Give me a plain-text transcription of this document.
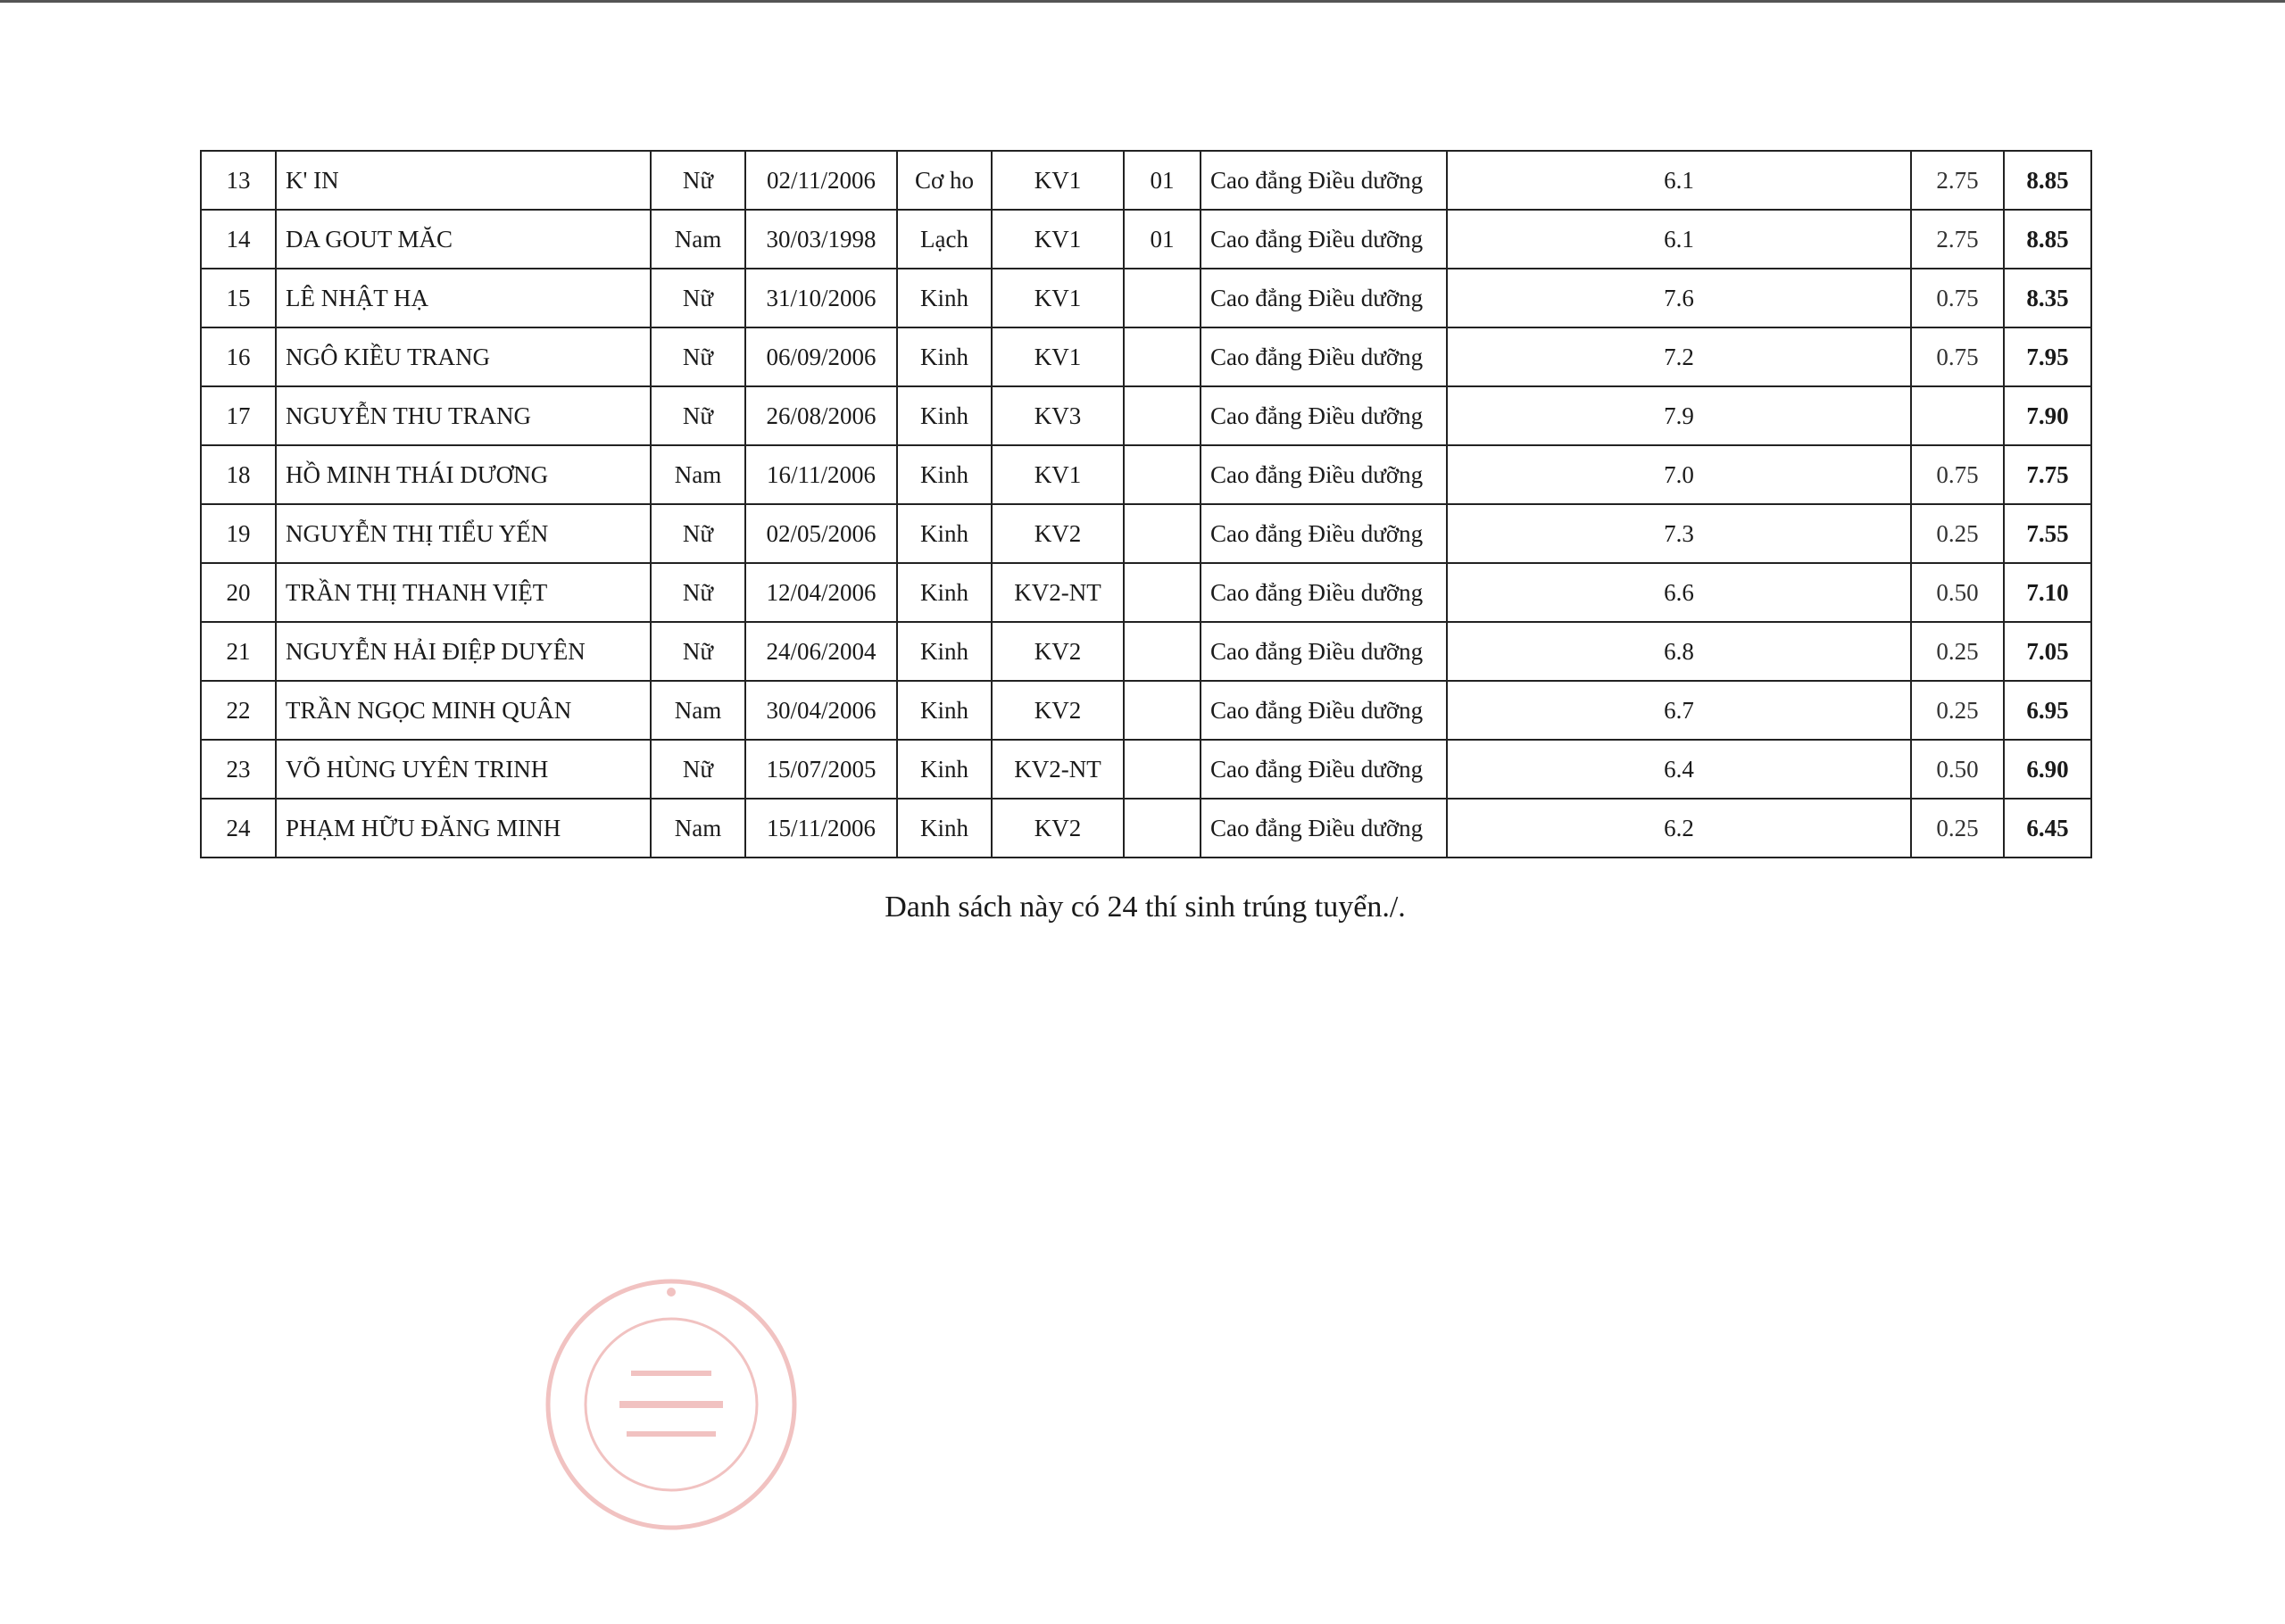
13	K' IN	Nữ	02/11/2006	Cơ ho	KV1	01	Cao đẳng Điều dưỡng	6.1	2.75	8.85
14	DA GOUT MĂC	Nam	30/03/1998	Lạch	KV1	01	Cao đẳng Điều dưỡng	6.1	2.75	8.85
15	LÊ NHẬT HẠ	Nữ	31/10/2006	Kinh	KV1		Cao đẳng Điều dưỡng	7.6	0.75	8.35
16	NGÔ KIỀU TRANG	Nữ	06/09/2006	Kinh	KV1		Cao đẳng Điều dưỡng	7.2	0.75	7.95
17	NGUYỄN THU TRANG	Nữ	26/08/2006	Kinh	KV3		Cao đẳng Điều dưỡng	7.9		7.90
18	HỒ MINH THÁI DƯƠNG	Nam	16/11/2006	Kinh	KV1		Cao đẳng Điều dưỡng	7.0	0.75	7.75
19	NGUYỄN THỊ TIỂU YẾN	Nữ	02/05/2006	Kinh	KV2		Cao đẳng Điều dưỡng	7.3	0.25	7.55
20	TRẦN THỊ THANH VIỆT	Nữ	12/04/2006	Kinh	KV2-NT		Cao đẳng Điều dưỡng	6.6	0.50	7.10
21	NGUYỄN HẢI ĐIỆP DUYÊN	Nữ	24/06/2004	Kinh	KV2		Cao đẳng Điều dưỡng	6.8	0.25	7.05
22	TRẦN NGỌC MINH QUÂN	Nam	30/04/2006	Kinh	KV2		Cao đẳng Điều dưỡng	6.7	0.25	6.95
23	VÕ HÙNG UYÊN TRINH	Nữ	15/07/2005	Kinh	KV2-NT		Cao đẳng Điều dưỡng	6.4	0.50	6.90
24	PHẠM HỮU ĐĂNG MINH	Nam	15/11/2006	Kinh	KV2		Cao đẳng Điều dưỡng	6.2	0.25	6.45
Danh sách này có 24 thí sinh trúng tuyển./.
